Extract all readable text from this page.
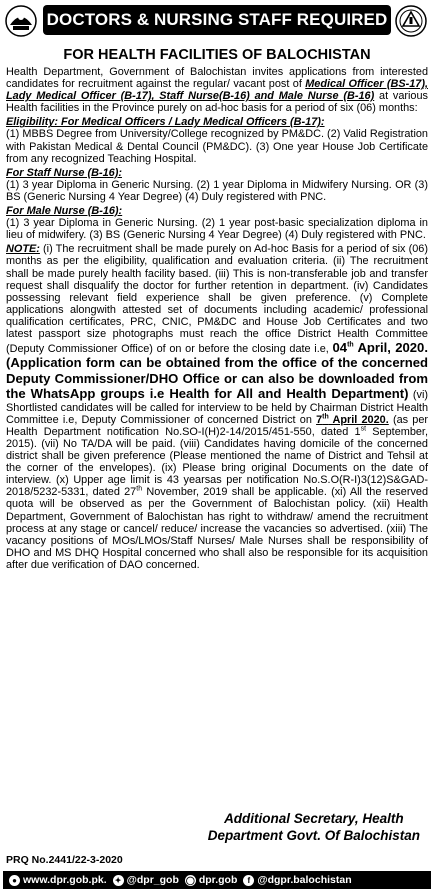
DOCTORS & NURSING STAFF REQUIRED
FOR HEALTH FACILITIES OF BALOCHISTAN

Health Department, Government of Balochistan invites applications from interested candidates for recruitment against the regular/ vacant post of Medical Officer (BS-17), Lady Medical Officer (B-17), Staff Nurse(B-16) and Male Nurse (B-16) at various Health facilities in the Province purely on ad-hoc basis for a period of six (06) months:

Eligibility: For Medical Officers / Lady Medical Officers (B-17):

(1) MBBS Degree from University/College recognized by PM&DC. (2) Valid Registration with Pakistan Medical & Dental Council (PM&DC). (3) One year House Job Certificate from any recognized Teaching Hospital.

For Staff Nurse (B-16):

(1) 3 year Diploma in Generic Nursing. (2) 1 year Diploma in Midwifery Nursing. OR (3) BS (Generic Nursing 4 Year Degree) (4) Duly registered with PNC.

For Male Nurse (B-16):

(1) 3 year Diploma in Generic Nursing. (2) 1 year post-basic specialization diploma in lieu of midwifery. (3) BS (Generic Nursing 4 Year Degree) (4) Duly registered with PNC.

NOTE: (i) The recruitment shall be made purely on Ad-hoc Basis for a period of six (06) months as per the eligibility, qualification and evaluation criteria. (ii) The recruitment shall be made purely health facility based. (iii) This is non-transferable job and transfer request shall disqualify the doctor for further retention in department. (iv) Candidates possessing relevant field experience shall be given preference. (v) Complete applications alongwith attested set of documents including academic/ professional qualification certificates, PRC, CNIC, PM&DC and House Job Certificates and two latest passport size photographs must reach the office District Health Committee (Deputy Commissioner Office) of on or before the closing date i.e, 04th April, 2020. (Application form can be obtained from the office of the concerned Deputy Commissioner/DHO Office or can also be downloaded from the WhatsApp groups i.e Health for All and Health Department) (vi) Shortlisted candidates will be called for interview to be held by Chairman District Health Committee i.e, Deputy Commissioner of concerned District on 7th April 2020. (as per Health Department notification No.SO-I(H)2-14/2015/451-550, dated 1st September, 2015). (vii) No TA/DA will be paid. (viii) Candidates having domicile of the concerned district shall be given preference (Please mentioned the name of District and Tehsil at the corner of the envelopes). (ix) Please bring original Documents on the date of interview. (x) Upper age limit is 43 yearsas per notification No.S.O(R-I)3(12)S&GAD-2018/5232-5331, dated 27th November, 2019 shall be applicable. (xi) All the reserved quota will be observed as per the Government of Balochistan policy. (xii) Health Department, Government of Balochistan has right to withdraw/ amend the recruitment process at any stage or cancel/ reduce/ increase the vacancies so advertised. (xiii) The vacancy positions of MOs/LMOs/Staff Nurses/ Male Nurses shall be responsibility of DHO and MS DHQ Hospital concerned who shall also be responsible for its acquisition after due verification of DAO concerned.

Additional Secretary, Health
Department Govt. Of Balochistan
PRQ No.2441/22-3-2020
● www.dpr.gob.pk. ✦ @dpr_gob ◯ dpr.gob	f @dgpr.balochistan
